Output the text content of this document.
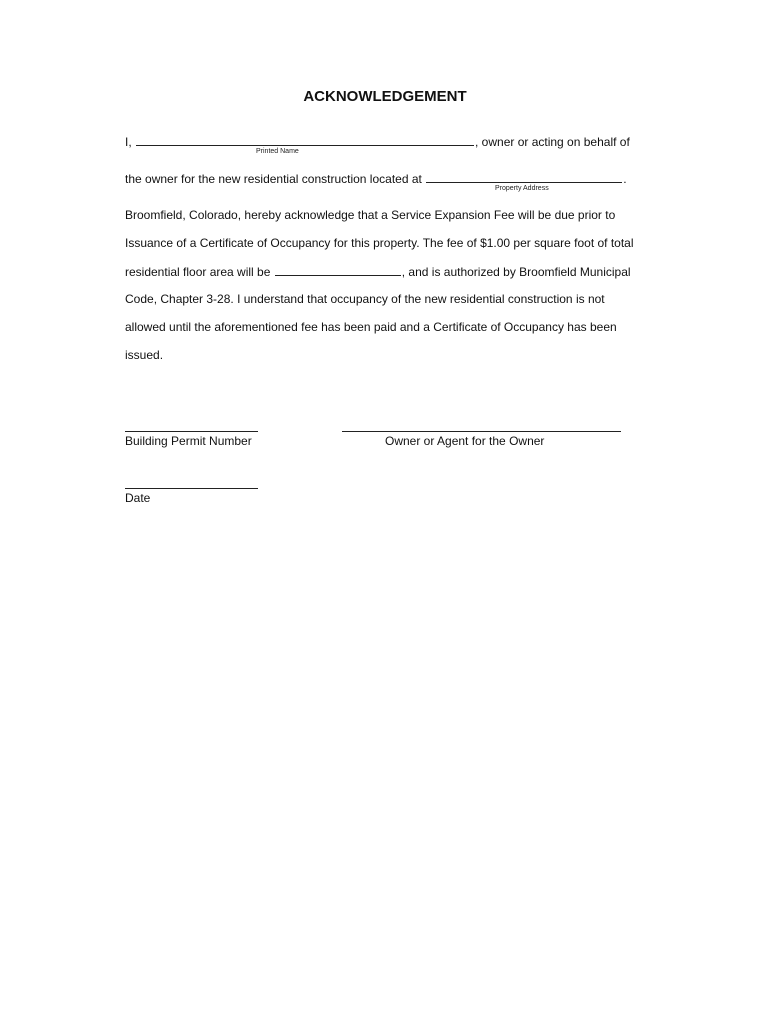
ACKNOWLEDGEMENT
I,	, owner or acting on behalf of
Printed Name
the owner for the new residential construction located at	.
Property Address
Broomfield, Colorado, hereby acknowledge that a Service Expansion Fee will be due prior to
Issuance of a Certificate of Occupancy for this property. The fee of $1.00 per square foot of total
residential floor area will be	, and is authorized by Broomfield Municipal
Code, Chapter 3-28. I understand that occupancy of the new residential construction is not
allowed until the aforementioned fee has been paid and a Certificate of Occupancy has been
issued.
Building Permit Number	Owner or Agent for the Owner
Date
